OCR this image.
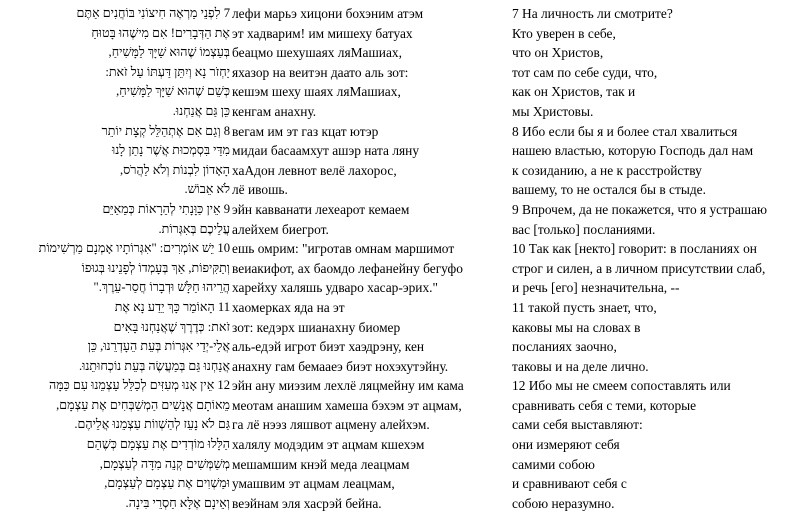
7 לִפְנֵי מַרְאֶה חִיצוֹנִי בּוֹחֲנִים אַתֶּם
אֶת הַדְּבָרִים! אִם מִישֶׁהוּ בָּטוּחַ
בְּעַצְמוֹ שֶׁהוּא שַׁיָּךְ לַמָּשִׁיחַ,
יַחְזֹר נָא וְיִתֵּן דַּעְתּוֹ עַל זֹאת:
כְּשֵׁם שֶׁהוּא שַׁיָּךְ לַמָּשִׁיחַ,
כֵּן גַּם אֲנַחְנוּ.
8 וְגַם אִם אֶתְהַלֵּל קְצָת יוֹתֵר
מִדַּי בִּסְמְכוּת אֲשֶׁר נָתַן לָנוּ
הָאָדוֹן לִבְנוֹת וְלֹא לַהֲרֹס,
לֹא אֵבוֹשׁ.
9 אֵין כַּוָּנָתִי לְהֵרָאוֹת כְּמֵאַיֵּם
עֲלֵיכֶם בְּאִגְּרוֹת.
10 יֵשׁ אוֹמְרִים: "אִגְּרוֹתָיו אָמְנָם מַרְשִׁימוֹת
וְתַקִּיפוֹת, אַךְ בְּעָמְדוֹ לְפָנֵינוּ בְּגוּפוֹ
הֲרֵיהוּ חַלָּשׁ וּדְבָרוֹ חֲסַר-עֵרֶךְ."
11 הָאוֹמֵר כָּךְ יֵדַע נָא אֶת
זֹאת: כְּדֶרֶךְ שֶׁאֲנַחְנוּ בָּאִים
אֲלֵי-יְדֵי אִגְּרוֹת בְּעֵת הֵעָדְרֵנוּ, כֵּן
אֲנַחְנוּ גַּם בְּמַעֲשֶׂה בְּעֵת נוֹכְחוּתֵנוּ.
12 אֵין אָנוּ מְעִזִּים לְכַלֵּל עַצְמֵנוּ עִם כַּמָּה
מֵאוֹתָם אֲנָשִׁים הַמְשַׁבְּחִים אֶת עַצְמָם,
גַּם לֹא נָעֵז לְהַשְׁווֹת עַצְמֵנוּ אֲלֵיהֶם.
הַלָּלוּ מוֹדְדִים אֶת עַצְמָם כְּשֶׁהֵם
מְשַׁמְּשִׁים קְנֵה מִדָּה לְעַצְמָם,
וּמַשְׁוִים אֶת עַצְמָם לְעַצְמָם,
וְאֵינָם אֶלָּא חַסְרֵי בִּינָה.
лефи марьэ хицони бохэним атэм
эт хадварим! им мишеху батуах
беацмо шехушаях ляМашиах,
яхазор на веитэн даато аль зот:
кешэм шеху шаях ляМашиах,
кенгам анахну.
вегам им эт газ кцат ютэр
мидаи басаамхут ашэр ната ляну
хаАдон левнот велё лахорос,
лё ивошь.
эйн кавванати лехеарот кемаем
алейхем биегрот.
ешь омрим: "игротав омнам маршимот
веиакифот, ах баомдо лефанейну бегуфо
харейху халяшь удваро хасар-эрих."
хаомерках яда на эт
зот: кедэрх шианахну биомер
аль-едэй игрот биэт хаэдрэну, кен
анахну гам бемааеэ биэт нохэхутэйну.
эйн ану миэзим лехлё ляцмейну им кама
меотам анашим хамеша бэхэм эт ацмам,
га лё нээз ляшвот ацмену алейхэм.
халялу модэдим эт ацмам кшехэм
мешамшим кнэй меда леацмам
умашвим эт ацмам леацмам,
веэйнам эля хасрэй бейна.
7 На личность ли смотрите?
Кто уверен в себе,
что он Христов,
тот сам по себе суди, что,
как он Христов, так и
мы Христовы.
8 Ибо если бы я и более стал хвалиться
нашею властью, которую Господь дал нам
к созиданию, а не к расстройству
вашему, то не остался бы в стыде.
9 Впрочем, да не покажется, что я устрашаю
вас [только] посланиями.
10 Так как [некто] говорит: в посланиях он
строг и силен, а в личном присутствии слаб,
и речь [его] незначительна, --
11 такой пусть знает, что,
каковы мы на словах в
посланиях заочно,
таковы и на деле лично.
12 Ибо мы не смеем сопоставлять или
сравнивать себя с теми, которые
сами себя выставляют:
они измеряют себя
самими собою
и сравнивают себя с
собою неразумно.
